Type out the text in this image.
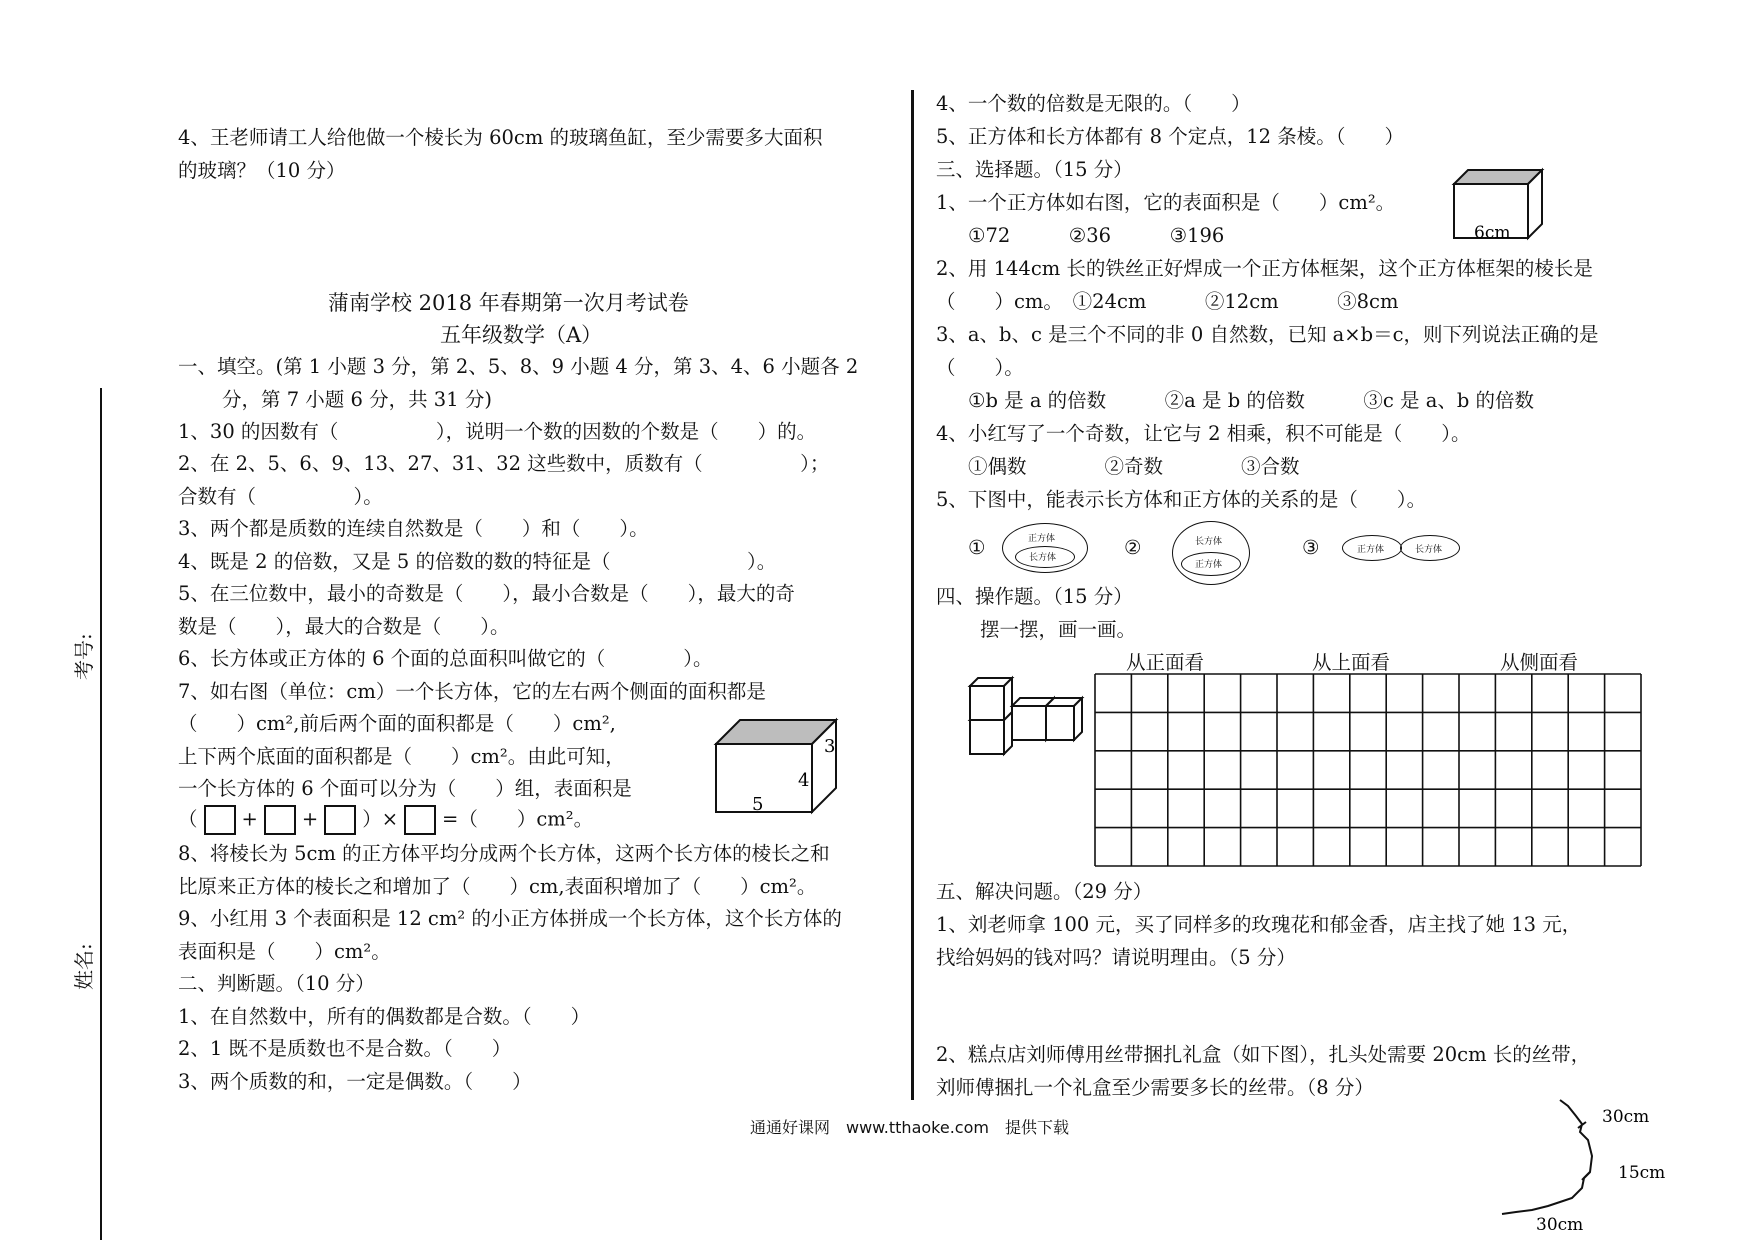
考号:
姓名:
4、王老师请工人给他做一个棱长为 60cm 的玻璃鱼缸，至少需要多大面积
的玻璃？（10 分）
蒲南学校 2018 年春期第一次月考试卷
五年级数学（A）
一、填空。(第 1 小题 3 分，第 2、5、8、9 小题 4 分，第 3、4、6 小题各 2
分，第 7 小题 6 分，共 31 分)
1、30 的因数有（　　　　　），说明一个数的因数的个数是（　　）的。
2、在 2、5、6、9、13、27、31、32 这些数中，质数有（　　　　　）；
合数有（　　　　　）。
3、两个都是质数的连续自然数是（　　）和（　　）。
4、既是 2 的倍数，又是 5 的倍数的数的特征是（　　　　　　　）。
5、在三位数中，最小的奇数是（　　），最小合数是（　　），最大的奇
数是（　　），最大的合数是（　　）。
6、长方体或正方体的 6 个面的总面积叫做它的（　　　　）。
7、如右图（单位：cm）一个长方体，它的左右两个侧面的面积都是
（　　）cm²,前后两个面的面积都是（　　）cm²,
上下两个底面的面积都是（　　）cm²。由此可知，
一个长方体的 6 个面可以分为（　　）组，表面积是
（ + + ）× =（　　）cm²。
3
4
5
8、将棱长为 5cm 的正方体平均分成两个长方体，这两个长方体的棱长之和
比原来正方体的棱长之和增加了（　　）cm,表面积增加了（　　）cm²。
9、小红用 3 个表面积是 12 cm² 的小正方体拼成一个长方体，这个长方体的
表面积是（　　）cm²。
二、判断题。（10 分）
1、在自然数中，所有的偶数都是合数。（　　）
2、1 既不是质数也不是合数。（　　）
3、两个质数的和，一定是偶数。（　　）
4、一个数的倍数是无限的。（　　）
5、正方体和长方体都有 8 个定点，12 条棱。（　　）
三、选择题。（15 分）
1、一个正方体如右图，它的表面积是（　　）cm²。
①72　　　②36　　　③196	6cm
2、用 144cm 长的铁丝正好焊成一个正方体框架，这个正方体框架的棱长是
（　　）cm。　①24cm　　　②12cm　　　③8cm
3、a、b、c 是三个不同的非 0 自然数，已知 a×b＝c，则下列说法正确的是
（　　）。
①b 是 a 的倍数　　　②a 是 b 的倍数　　　③c 是 a、b 的倍数
4、小红写了一个奇数，让它与 2 相乘，积不可能是（　　）。
①偶数　　　　②奇数　　　　③合数
5、下图中，能表示长方体和正方体的关系的是（　　）。
①	正方体
长方体	②	长方体
正方体
③	正方体	长方体
四、操作题。（15 分）
摆一摆，画一画。
从正面看	从上面看	从侧面看
五、解决问题。（29 分）
1、刘老师拿 100 元，买了同样多的玫瑰花和郁金香，店主找了她 13 元，
找给妈妈的钱对吗？请说明理由。（5 分）
2、糕点店刘师傅用丝带捆扎礼盒（如下图），扎头处需要 20cm 长的丝带，
刘师傅捆扎一个礼盒至少需要多长的丝带。（8 分）
30cm
15cm
30cm
通通好课网　www.tthaoke.com　提供下载
